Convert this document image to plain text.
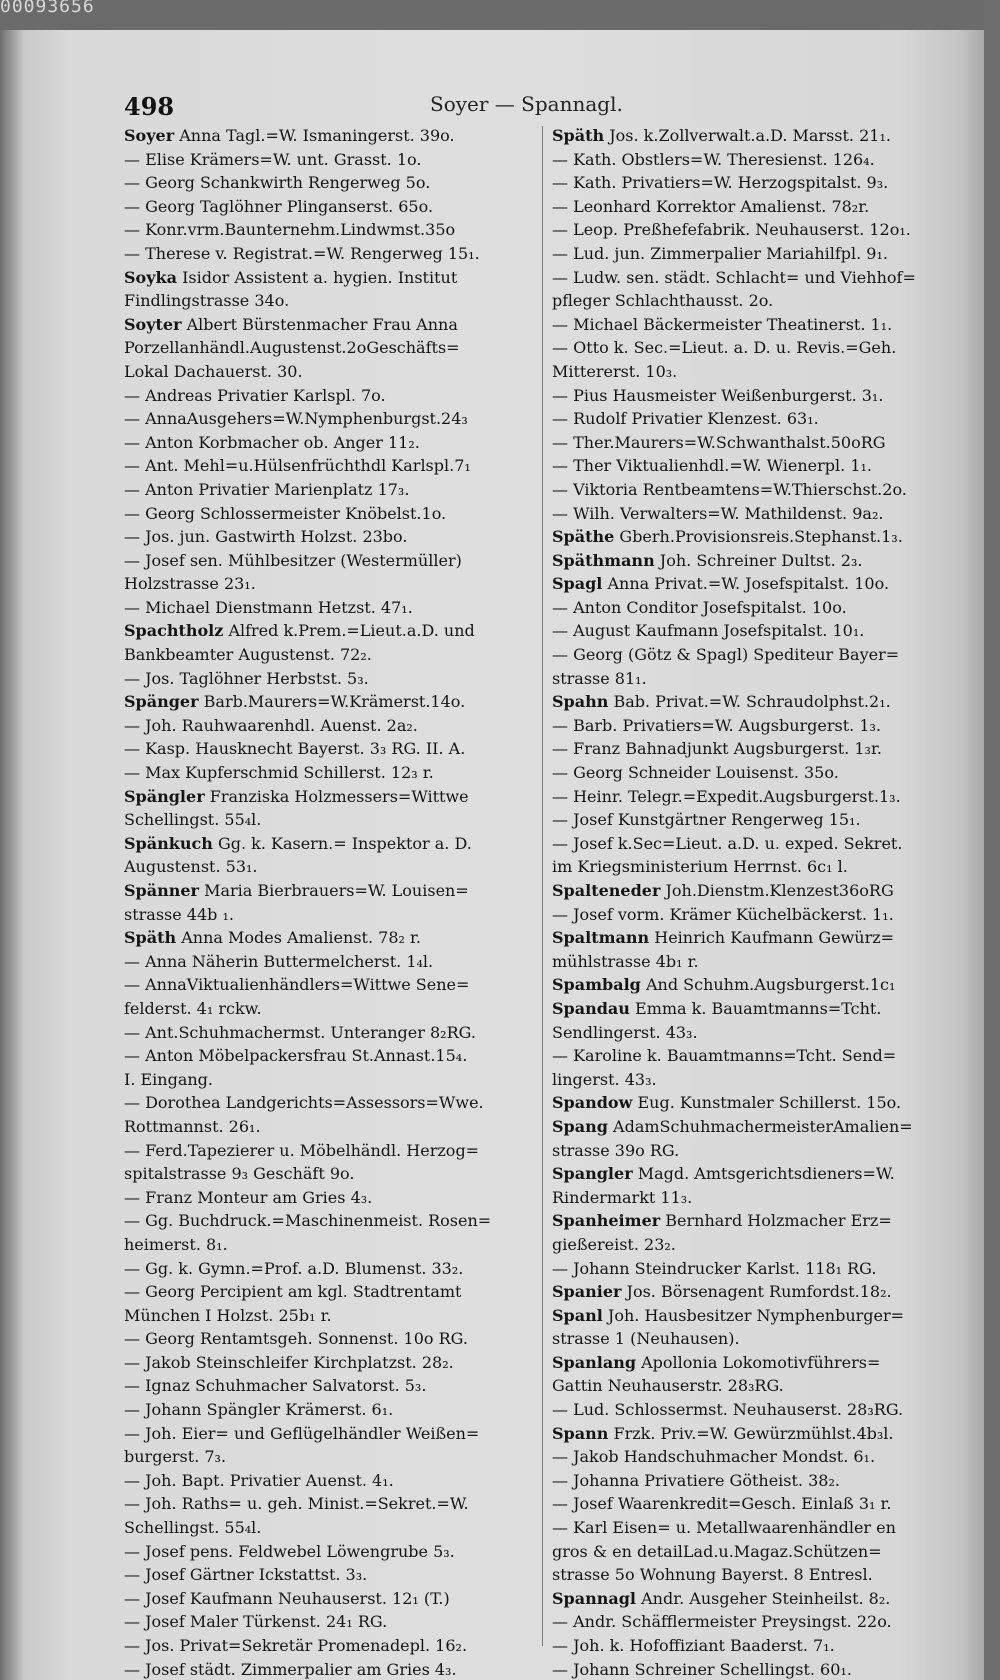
00093656
498	Soyer — Spannagl.
Soyer Anna Tagl.=W. Ismaningerst. 39o.
— Elise Krämers=W. unt. Grasst. 1o.
— Georg Schankwirth Rengerweg 5o.
— Georg Taglöhner Plinganserst. 65o.
— Konr.vrm.Baunternehm.Lindwmst.35o
— Therese v. Registrat.=W. Rengerweg 15₁.
Soyka Isidor Assistent a. hygien. Institut
Findlingstrasse 34o.
Soyter Albert Bürstenmacher Frau Anna
Porzellanhändl.Augustenst.2oGeschäfts=
Lokal Dachauerst. 30.
— Andreas Privatier Karlspl. 7o.
— AnnaAusgehers=W.Nymphenburgst.24₃
— Anton Korbmacher ob. Anger 11₂.
— Ant. Mehl=u.Hülsenfrüchthdl Karlspl.7₁
— Anton Privatier Marienplatz 17₃.
— Georg Schlossermeister Knöbelst.1o.
— Jos. jun. Gastwirth Holzst. 23bo.
— Josef sen. Mühlbesitzer (Westermüller)
Holzstrasse 23₁.
— Michael Dienstmann Hetzst. 47₁.
Spachtholz Alfred k.Prem.=Lieut.a.D. und
Bankbeamter Augustenst. 72₂.
— Jos. Taglöhner Herbstst. 5₃.
Spänger Barb.Maurers=W.Krämerst.14o.
— Joh. Rauhwaarenhdl. Auenst. 2a₂.
— Kasp. Hausknecht Bayerst. 3₃ RG. II. A.
— Max Kupferschmid Schillerst. 12₃ r.
Spängler Franziska Holzmessers=Wittwe
Schellingst. 55₄l.
Spänkuch Gg. k. Kasern.= Inspektor a. D.
Augustenst. 53₁.
Spänner Maria Bierbrauers=W. Louisen=
strasse 44b ₁.
Späth Anna Modes Amalienst. 78₂ r.
— Anna Näherin Buttermelcherst. 1₄l.
— AnnaViktualienhändlers=Wittwe Sene=
felderst. 4₁ rckw.
— Ant.Schuhmachermst. Unteranger 8₂RG.
— Anton Möbelpackersfrau St.Annast.15₄.
I. Eingang.
— Dorothea Landgerichts=Assessors=Wwe.
Rottmannst. 26₁.
— Ferd.Tapezierer u. Möbelhändl. Herzog=
spitalstrasse 9₃ Geschäft 9o.
— Franz Monteur am Gries 4₃.
— Gg. Buchdruck.=Maschinenmeist. Rosen=
heimerst. 8₁.
— Gg. k. Gymn.=Prof. a.D. Blumenst. 33₂.
— Georg Percipient am kgl. Stadtrentamt
München I Holzst. 25b₁ r.
— Georg Rentamtsgeh. Sonnenst. 10o RG.
— Jakob Steinschleifer Kirchplatzst. 28₂.
— Ignaz Schuhmacher Salvatorst. 5₃.
— Johann Spängler Krämerst. 6₁.
— Joh. Eier= und Geflügelhändler Weißen=
burgerst. 7₃.
— Joh. Bapt. Privatier Auenst. 4₁.
— Joh. Raths= u. geh. Minist.=Sekret.=W.
Schellingst. 55₄l.
— Josef pens. Feldwebel Löwengrube 5₃.
— Josef Gärtner Ickstattst. 3₃.
— Josef Kaufmann Neuhauserst. 12₁ (T.)
— Josef Maler Türkenst. 24₁ RG.
— Jos. Privat=Sekretär Promenadepl. 16₂.
— Josef städt. Zimmerpalier am Gries 4₃.
Späth Jos. k.Zollverwalt.a.D. Marsst. 21₁.
— Kath. Obstlers=W. Theresienst. 126₄.
— Kath. Privatiers=W. Herzogspitalst. 9₃.
— Leonhard Korrektor Amalienst. 78₂r.
— Leop. Preßhefefabrik. Neuhauserst. 12o₁.
— Lud. jun. Zimmerpalier Mariahilfpl. 9₁.
— Ludw. sen. städt. Schlacht= und Viehhof=
pfleger Schlachthausst. 2o.
— Michael Bäckermeister Theatinerst. 1₁.
— Otto k. Sec.=Lieut. a. D. u. Revis.=Geh.
Mittererst. 10₃.
— Pius Hausmeister Weißenburgerst. 3₁.
— Rudolf Privatier Klenzest. 63₁.
— Ther.Maurers=W.Schwanthalst.50oRG
— Ther Viktualienhdl.=W. Wienerpl. 1₁.
— Viktoria Rentbeamtens=W.Thierschst.2o.
— Wilh. Verwalters=W. Mathildenst. 9a₂.
Späthe Gberh.Provisionsreis.Stephanst.1₃.
Späthmann Joh. Schreiner Dultst. 2₃.
Spagl Anna Privat.=W. Josefspitalst. 10o.
— Anton Conditor Josefspitalst. 10o.
— August Kaufmann Josefspitalst. 10₁.
— Georg (Götz & Spagl) Spediteur Bayer=
strasse 81₁.
Spahn Bab. Privat.=W. Schraudolphst.2₁.
— Barb. Privatiers=W. Augsburgerst. 1₃.
— Franz Bahnadjunkt Augsburgerst. 1₃r.
— Georg Schneider Louisenst. 35o.
— Heinr. Telegr.=Expedit.Augsburgerst.1₃.
— Josef Kunstgärtner Rengerweg 15₁.
— Josef k.Sec=Lieut. a.D. u. exped. Sekret.
im Kriegsministerium Herrnst. 6c₁ l.
Spalteneder Joh.Dienstm.Klenzest36oRG
— Josef vorm. Krämer Küchelbäckerst. 1₁.
Spaltmann Heinrich Kaufmann Gewürz=
mühlstrasse 4b₁ r.
Spambalg And Schuhm.Augsburgerst.1c₁
Spandau Emma k. Bauamtmanns=Tcht.
Sendlingerst. 43₃.
— Karoline k. Bauamtmanns=Tcht. Send=
lingerst. 43₃.
Spandow Eug. Kunstmaler Schillerst. 15o.
Spang AdamSchuhmachermeisterAmalien=
strasse 39o RG.
Spangler Magd. Amtsgerichtsdieners=W.
Rindermarkt 11₃.
Spanheimer Bernhard Holzmacher Erz=
gießereist. 23₂.
— Johann Steindrucker Karlst. 118₁ RG.
Spanier Jos. Börsenagent Rumfordst.18₂.
Spanl Joh. Hausbesitzer Nymphenburger=
strasse 1 (Neuhausen).
Spanlang Apollonia Lokomotivführers=
Gattin Neuhauserstr. 28₃RG.
— Lud. Schlossermst. Neuhauserst. 28₃RG.
Spann Frzk. Priv.=W. Gewürzmühlst.4b₃l.
— Jakob Handschuhmacher Mondst. 6₁.
— Johanna Privatiere Götheist. 38₂.
— Josef Waarenkredit=Gesch. Einlaß 3₁ r.
— Karl Eisen= u. Metallwaarenhändler en
gros & en detailLad.u.Magaz.Schützen=
strasse 5o Wohnung Bayerst. 8 Entresl.
Spannagl Andr. Ausgeher Steinheilst. 8₂.
— Andr. Schäfflermeister Preysingst. 22o.
— Joh. k. Hofoffiziant Baaderst. 7₁.
— Johann Schreiner Schellingst. 60₁.
